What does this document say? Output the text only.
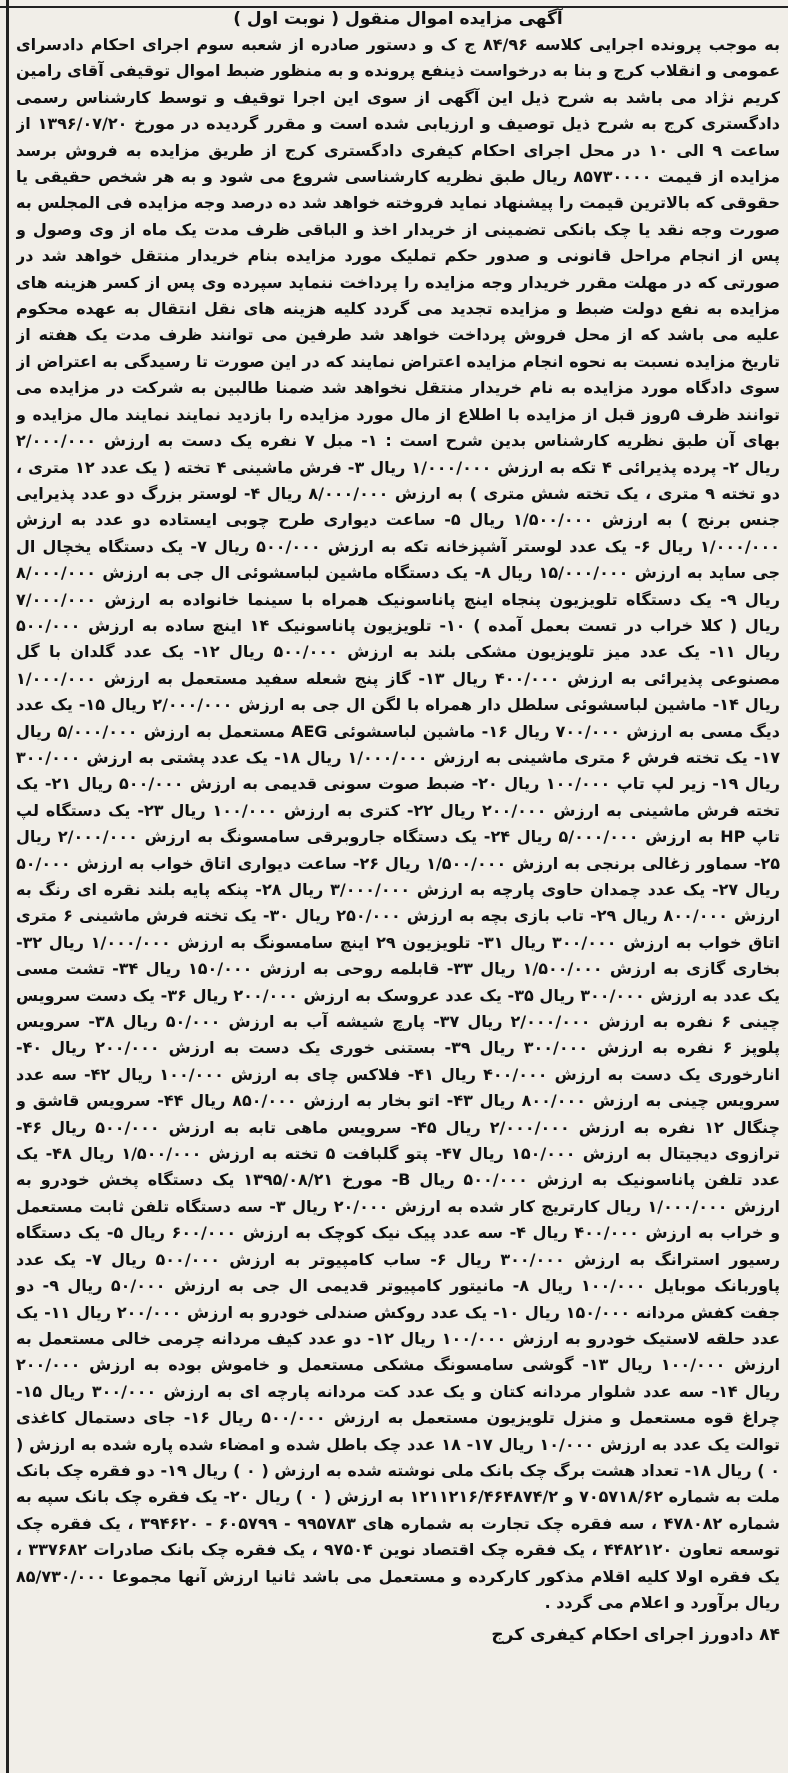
آگهی مزایده اموال منقول ( نوبت اول )

به موجب پرونده اجرایی کلاسه ۸۴/۹۶ ج ک و دستور صادره از شعبه سوم اجرای احکام دادسرای عمومی و انقلاب کرج و بنا به درخواست ذینفع پرونده و به منظور ضبط اموال توقیفی آقای رامین کریم نژاد می باشد به شرح ذیل این آگهی از سوی این اجرا توقیف و توسط کارشناس رسمی دادگستری کرج به شرح ذیل توصیف و ارزیابی شده است و مقرر گردیده در مورخ ۱۳۹۶/۰۷/۲۰ از ساعت ۹ الی ۱۰ در محل اجرای احکام کیفری دادگستری کرج از طریق مزایده به فروش برسد مزایده از قیمت ۸۵۷۳۰۰۰۰ ریال طبق نظریه کارشناسی شروع می شود و به هر شخص حقیقی یا حقوقی که بالاترین قیمت را پیشنهاد نماید فروخته خواهد شد ده درصد وجه مزایده فی المجلس به صورت وجه نقد یا چک بانکی تضمینی از خریدار اخذ و الباقی ظرف مدت یک ماه از وی وصول و پس از انجام مراحل قانونی و صدور حکم تملیک مورد مزایده بنام خریدار منتقل خواهد شد در صورتی که در مهلت مقرر خریدار وجه مزایده را پرداخت ننماید سپرده وی پس از کسر هزینه های مزایده به نفع دولت ضبط و مزایده تجدید می گردد کلیه هزینه های نقل انتقال به عهده محکوم علیه می باشد که از محل فروش پرداخت خواهد شد طرفین می توانند ظرف مدت یک هفته از تاریخ مزایده نسبت به نحوه انجام مزایده اعتراض نمایند که در این صورت تا رسیدگی به اعتراض از سوی دادگاه مورد مزایده به نام خریدار منتقل نخواهد شد ضمنا طالبین به شرکت در مزایده می توانند ظرف ۵روز قبل از مزایده با اطلاع از مال مورد مزایده را بازدید نمایند نمایند مال مزایده و بهای آن طبق نظریه کارشناس بدین شرح است : ۱- مبل ۷ نفره یک دست به ارزش ۲/۰۰۰/۰۰۰ ریال ۲- پرده پذیرائی ۴ تکه به ارزش ۱/۰۰۰/۰۰۰ ریال ۳- فرش ماشینی ۴ تخته ( یک عدد ۱۲ متری ، دو تخته ۹ متری ، یک تخته شش متری ) به ارزش ۸/۰۰۰/۰۰۰ ریال ۴- لوستر بزرگ دو عدد پذیرایی جنس برنج ) به ارزش ۱/۵۰۰/۰۰۰ ریال ۵- ساعت دیواری طرح چوبی ایستاده دو عدد به ارزش ۱/۰۰۰/۰۰۰ ریال ۶- یک عدد لوستر آشپزخانه تکه به ارزش ۵۰۰/۰۰۰ ریال ۷- یک دستگاه یخچال ال جی ساید به ارزش ۱۵/۰۰۰/۰۰۰ ریال ۸- یک دستگاه ماشین لباسشوئی ال جی به ارزش ۸/۰۰۰/۰۰۰ ریال ۹- یک دستگاه تلویزیون پنجاه اینچ پاناسونیک همراه با سینما خانواده به ارزش ۷/۰۰۰/۰۰۰ ریال ( کلا خراب در تست بعمل آمده ) ۱۰- تلویزیون پاناسونیک ۱۴ اینچ ساده به ارزش ۵۰۰/۰۰۰ ریال ۱۱- یک عدد میز تلویزیون مشکی بلند به ارزش ۵۰۰/۰۰۰ ریال ۱۲- یک عدد گلدان با گل مصنوعی پذیرائی به ارزش ۴۰۰/۰۰۰ ریال ۱۳- گاز پنج شعله سفید مستعمل به ارزش ۱/۰۰۰/۰۰۰ ریال ۱۴- ماشین لباسشوئی سلطل دار همراه با لگن ال جی به ارزش ۲/۰۰۰/۰۰۰ ریال ۱۵- یک عدد دیگ مسی به ارزش ۷۰۰/۰۰۰ ریال ۱۶- ماشین لباسشوئی AEG مستعمل به ارزش ۵/۰۰۰/۰۰۰ ریال ۱۷- یک تخته فرش ۶ متری ماشینی به ارزش ۱/۰۰۰/۰۰۰ ریال ۱۸- یک عدد پشتی به ارزش ۳۰۰/۰۰۰ ریال ۱۹- زیر لپ تاپ ۱۰۰/۰۰۰ ریال ۲۰- ضبط صوت سونی قدیمی به ارزش ۵۰۰/۰۰۰ ریال ۲۱- یک تخته فرش ماشینی به ارزش ۲۰۰/۰۰۰ ریال ۲۲- کتری به ارزش ۱۰۰/۰۰۰ ریال ۲۳- یک دستگاه لپ تاپ HP به ارزش ۵/۰۰۰/۰۰۰ ریال ۲۴- یک دستگاه جاروبرقی سامسونگ به ارزش ۲/۰۰۰/۰۰۰ ریال ۲۵- سماور زغالی برنجی به ارزش ۱/۵۰۰/۰۰۰ ریال ۲۶- ساعت دیواری اتاق خواب به ارزش ۵۰/۰۰۰ ریال ۲۷- یک عدد چمدان حاوی پارچه به ارزش ۳/۰۰۰/۰۰۰ ریال ۲۸- پنکه پایه بلند نقره ای رنگ به ارزش ۸۰۰/۰۰۰ ریال ۲۹- تاب بازی بچه به ارزش ۲۵۰/۰۰۰ ریال ۳۰- یک تخته فرش ماشینی ۶ متری اتاق خواب به ارزش ۳۰۰/۰۰۰ ریال ۳۱- تلویزیون ۲۹ اینچ سامسونگ به ارزش ۱/۰۰۰/۰۰۰ ریال ۳۲- بخاری گازی به ارزش ۱/۵۰۰/۰۰۰ ریال ۳۳- قابلمه روحی به ارزش ۱۵۰/۰۰۰ ریال ۳۴- تشت مسی یک عدد به ارزش ۳۰۰/۰۰۰ ریال ۳۵- یک عدد عروسک به ارزش ۲۰۰/۰۰۰ ریال ۳۶- یک دست سرویس چینی ۶ نفره به ارزش ۲/۰۰۰/۰۰۰ ریال ۳۷- پارچ شیشه آب به ارزش ۵۰/۰۰۰ ریال ۳۸- سرویس پلوپز ۶ نفره به ارزش ۳۰۰/۰۰۰ ریال ۳۹- بستنی خوری یک دست به ارزش ۲۰۰/۰۰۰ ریال ۴۰- انارخوری یک دست به ارزش ۴۰۰/۰۰۰ ریال ۴۱- فلاکس چای به ارزش ۱۰۰/۰۰۰ ریال ۴۲- سه عدد سرویس چینی به ارزش ۸۰۰/۰۰۰ ریال ۴۳- اتو بخار به ارزش ۸۵۰/۰۰۰ ریال ۴۴- سرویس قاشق و چنگال ۱۲ نفره به ارزش ۲/۰۰۰/۰۰۰ ریال ۴۵- سرویس ماهی تابه به ارزش ۵۰۰/۰۰۰ ریال ۴۶- ترازوی دیجیتال به ارزش ۱۵۰/۰۰۰ ریال ۴۷- پتو گلبافت ۵ تخته به ارزش ۱/۵۰۰/۰۰۰ ریال ۴۸- یک عدد تلفن پاناسونیک به ارزش ۵۰۰/۰۰۰ ریال B- مورخ ۱۳۹۵/۰۸/۲۱ یک دستگاه پخش خودرو به ارزش ۱/۰۰۰/۰۰۰ ریال کارتریج کار شده به ارزش ۲۰/۰۰۰ ریال ۳- سه دستگاه تلفن ثابت مستعمل و خراب به ارزش ۴۰۰/۰۰۰ ریال ۴- سه عدد پیک نیک کوچک به ارزش ۶۰۰/۰۰۰ ریال ۵- یک دستگاه رسیور استرانگ به ارزش ۳۰۰/۰۰۰ ریال ۶- ساب کامپیوتر به ارزش ۵۰۰/۰۰۰ ریال ۷- یک عدد پاوربانک موبایل ۱۰۰/۰۰۰ ریال ۸- مانیتور کامپیوتر قدیمی ال جی به ارزش ۵۰/۰۰۰ ریال ۹- دو جفت کفش مردانه ۱۵۰/۰۰۰ ریال ۱۰- یک عدد روکش صندلی خودرو به ارزش ۲۰۰/۰۰۰ ریال ۱۱- یک عدد حلقه لاستیک خودرو به ارزش ۱۰۰/۰۰۰ ریال ۱۲- دو عدد کیف مردانه چرمی خالی مستعمل به ارزش ۱۰۰/۰۰۰ ریال ۱۳- گوشی سامسونگ مشکی مستعمل و خاموش بوده به ارزش ۲۰۰/۰۰۰ ریال ۱۴- سه عدد شلوار مردانه کتان و یک عدد کت مردانه پارچه ای به ارزش ۳۰۰/۰۰۰ ریال ۱۵- چراغ قوه مستعمل و منزل تلویزیون مستعمل به ارزش ۵۰۰/۰۰۰ ریال ۱۶- جای دستمال کاغذی توالت یک عدد به ارزش ۱۰/۰۰۰ ریال ۱۷- ۱۸ عدد چک باطل شده و امضاء شده پاره شده به ارزش ( ۰ ) ریال ۱۸- تعداد هشت برگ چک بانک ملی نوشته شده به ارزش ( ۰ ) ریال ۱۹- دو فقره چک بانک ملت به شماره ۷۰۵۷۱۸/۶۲ و ۱۲۱۱۲۱۶/۴۶۴۸۷۴/۲ به ارزش ( ۰ ) ریال ۲۰- یک فقره چک بانک سپه به شماره ۴۷۸۰۸۲ ، سه فقره چک تجارت به شماره های ۹۹۵۷۸۳ - ۶۰۵۷۹۹ - ۳۹۴۶۲۰ ، یک فقره چک توسعه تعاون ۴۴۸۲۱۲۰ ، یک فقره چک اقتصاد نوین ۹۷۵۰۴ ، یک فقره چک بانک صادرات ۳۳۷۶۸۲ ، یک فقره اولا کلیه اقلام مذکور کارکرده و مستعمل می باشد ثانیا ارزش آنها مجموعا ۸۵/۷۳۰/۰۰۰ ریال برآورد و اعلام می گردد .

۸۴ دادورز اجرای احکام کیفری کرج
